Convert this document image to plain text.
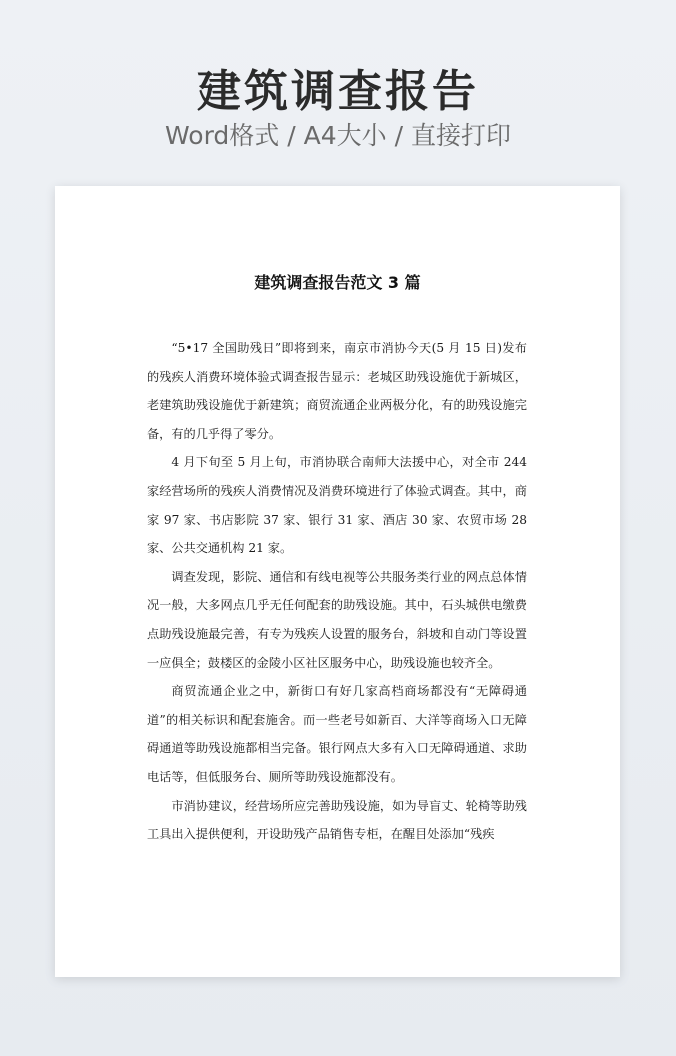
建筑调查报告
Word格式 / A4大小 / 直接打印
建筑调查报告范文 3 篇

“5•17 全国助残日”即将到来，南京市消协今天(5 月 15 日)发布的残疾人消费环境体验式调查报告显示：老城区助残设施优于新城区，老建筑助残设施优于新建筑；商贸流通企业两极分化，有的助残设施完备，有的几乎得了零分。

4 月下旬至 5 月上旬，市消协联合南师大法援中心，对全市 244 家经营场所的残疾人消费情况及消费环境进行了体验式调查。其中，商家 97 家、书店影院 37 家、银行 31 家、酒店 30 家、农贸市场 28 家、公共交通机构 21 家。

调查发现，影院、通信和有线电视等公共服务类行业的网点总体情况一般，大多网点几乎无任何配套的助残设施。其中，石头城供电缴费点助残设施最完善，有专为残疾人设置的服务台，斜坡和自动门等设置一应俱全；鼓楼区的金陵小区社区服务中心，助残设施也较齐全。

商贸流通企业之中，新街口有好几家高档商场都没有“无障碍通道”的相关标识和配套施舍。而一些老号如新百、大洋等商场入口无障碍通道等助残设施都相当完备。银行网点大多有入口无障碍通道、求助电话等，但低服务台、厕所等助残设施都没有。

市消协建议，经营场所应完善助残设施，如为导盲丈、轮椅等助残工具出入提供便利，开设助残产品销售专柜，在醒目处添加“残疾
